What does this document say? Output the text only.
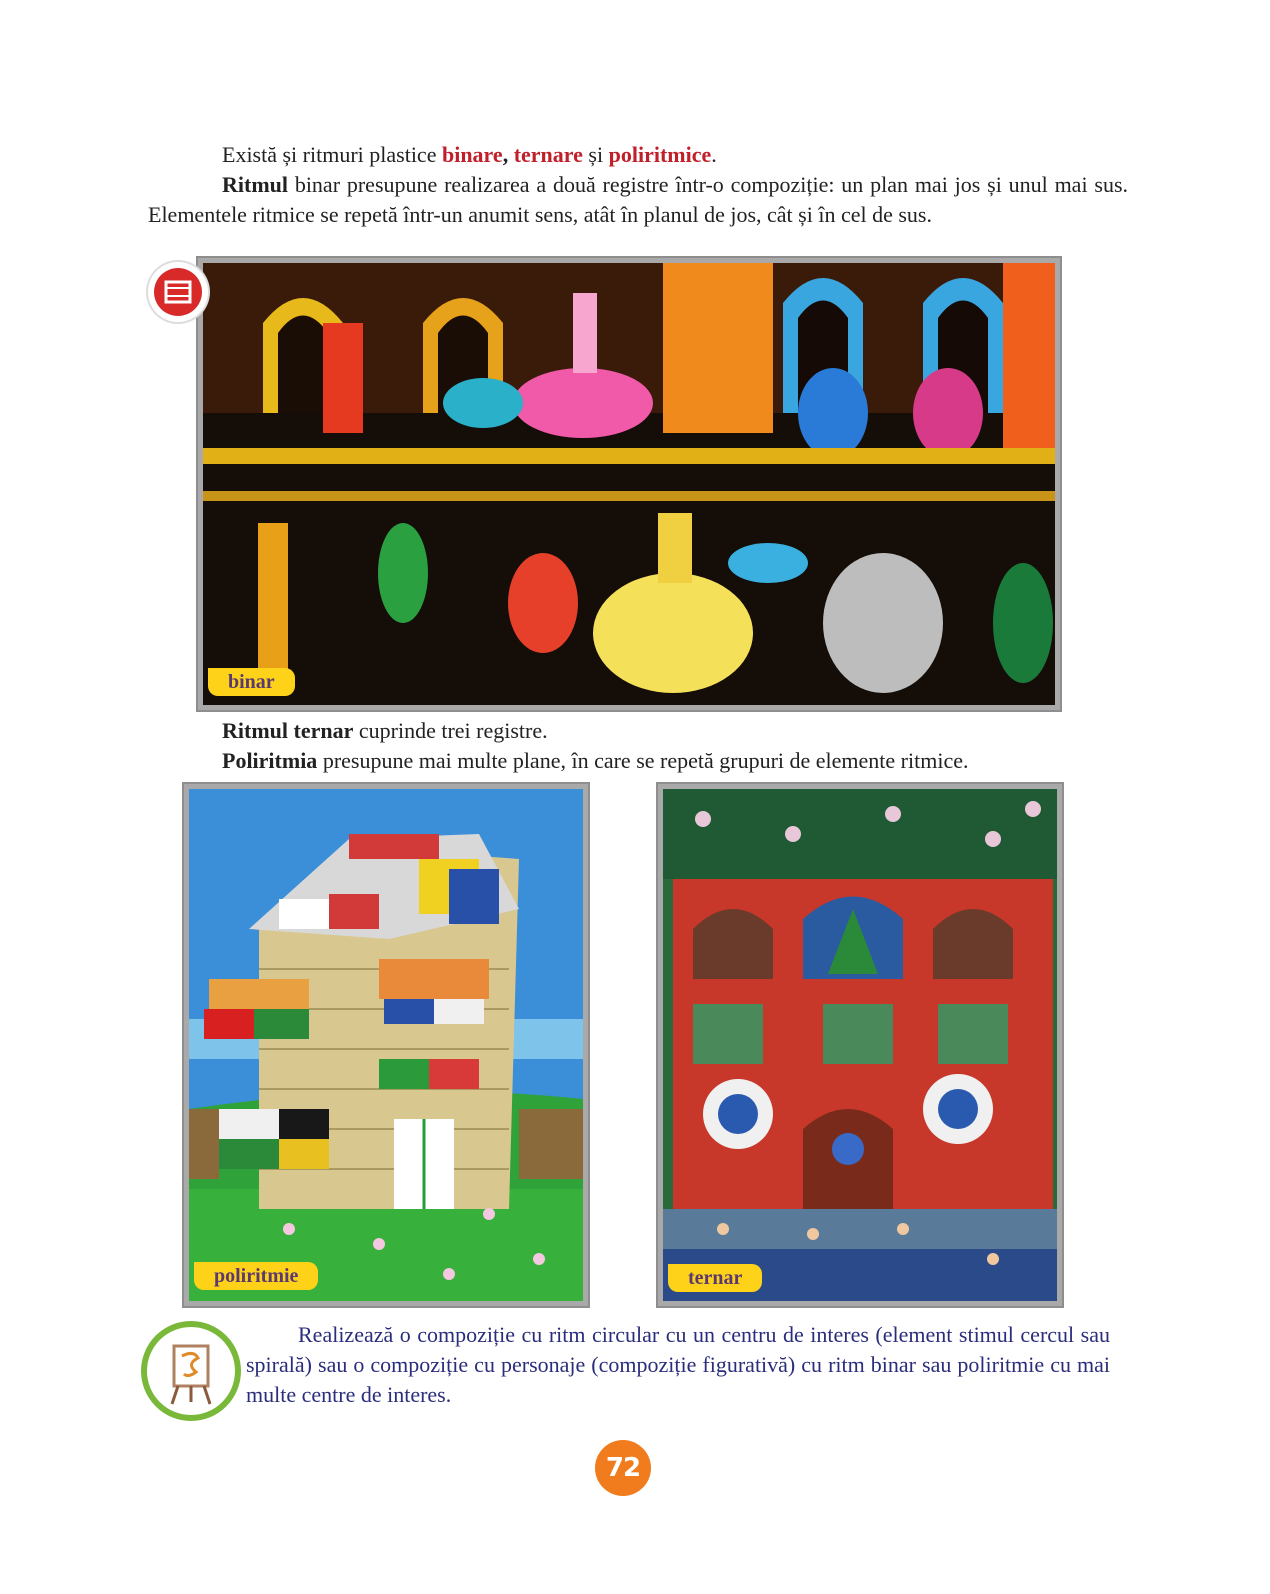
Există și ritmuri plastice binare, ternare și poliritmice.

Ritmul binar presupune realizarea a două registre într-o compoziție: un plan mai jos și unul mai sus. Elementele ritmice se repetă într-un anumit sens, atât în planul de jos, cât și în cel de sus.

binar

Ritmul ternar cuprinde trei registre.

Poliritmia presupune mai multe plane, în care se repetă grupuri de elemente ritmice.

poliritmie	ternar

Realizează o compoziție cu ritm circular cu un centru de interes (element stimul cercul sau spirală) sau o compoziție cu personaje (compoziție figurativă) cu ritm binar sau poliritmie cu mai multe centre de interes.

72
